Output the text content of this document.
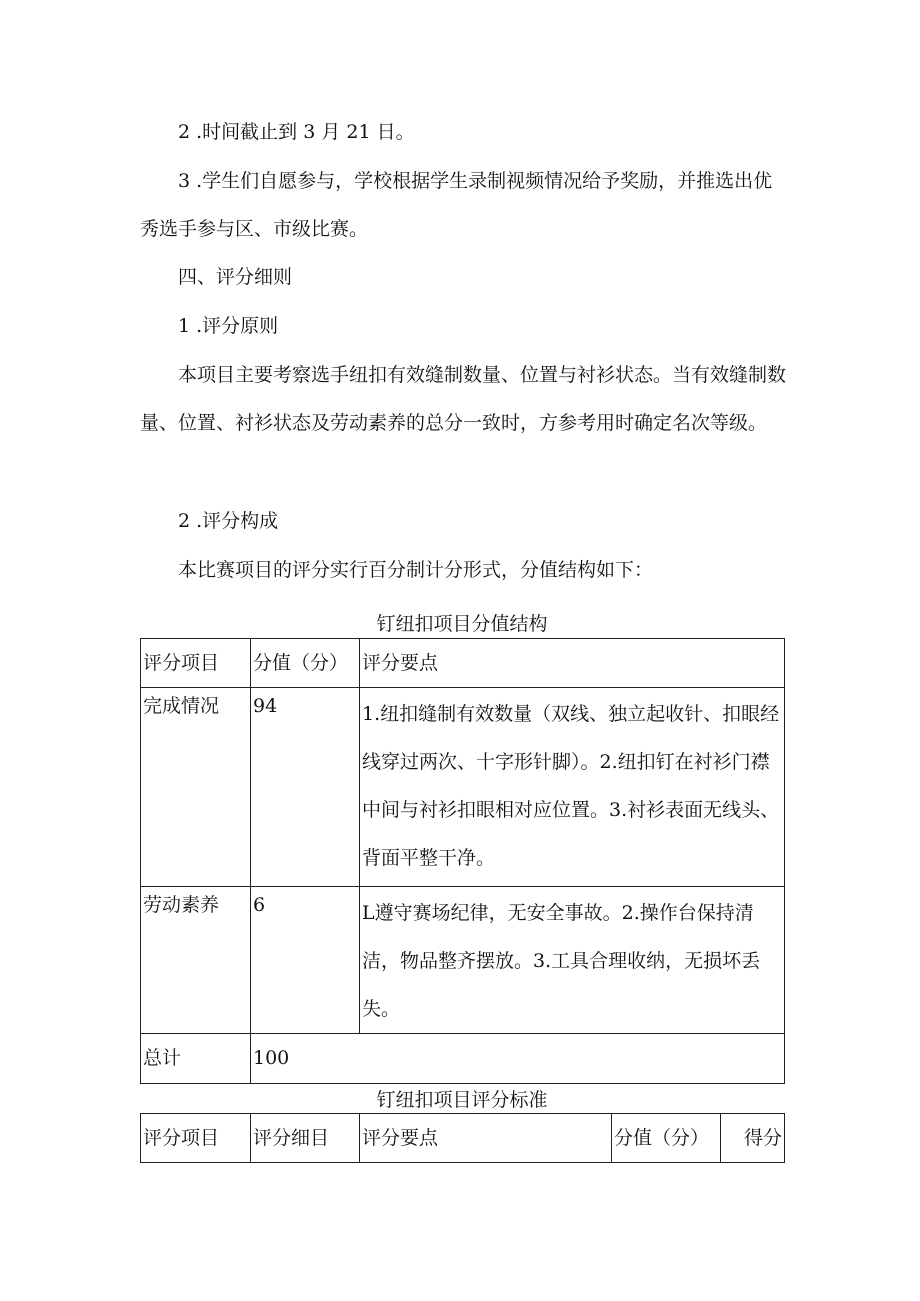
2 .时间截止到 3 月 21 日。

3 .学生们自愿参与，学校根据学生录制视频情况给予奖励，并推选出优秀选手参与区、市级比赛。

四、评分细则

1 .评分原则

本项目主要考察选手纽扣有效缝制数量、位置与衬衫状态。当有效缝制数量、位置、衬衫状态及劳动素养的总分一致时，方参考用时确定名次等级。

2 .评分构成

本比赛项目的评分实行百分制计分形式，分值结构如下：

钉纽扣项目分值结构

评分项目	分值（分）	评分要点
完成情况	94	1.纽扣缝制有效数量（双线、独立起收针、扣眼经线穿过两次、十字形针脚）。2.纽扣钉在衬衫门襟中间与衬衫扣眼相对应位置。3.衬衫表面无线头、背面平整干净。
劳动素养	6	L遵守赛场纪律，无安全事故。2.操作台保持清洁，物品整齐摆放。3.工具合理收纳，无损坏丢失。
总计	100	

钉纽扣项目评分标准

评分项目	评分细目	评分要点	分值（分）	得分
